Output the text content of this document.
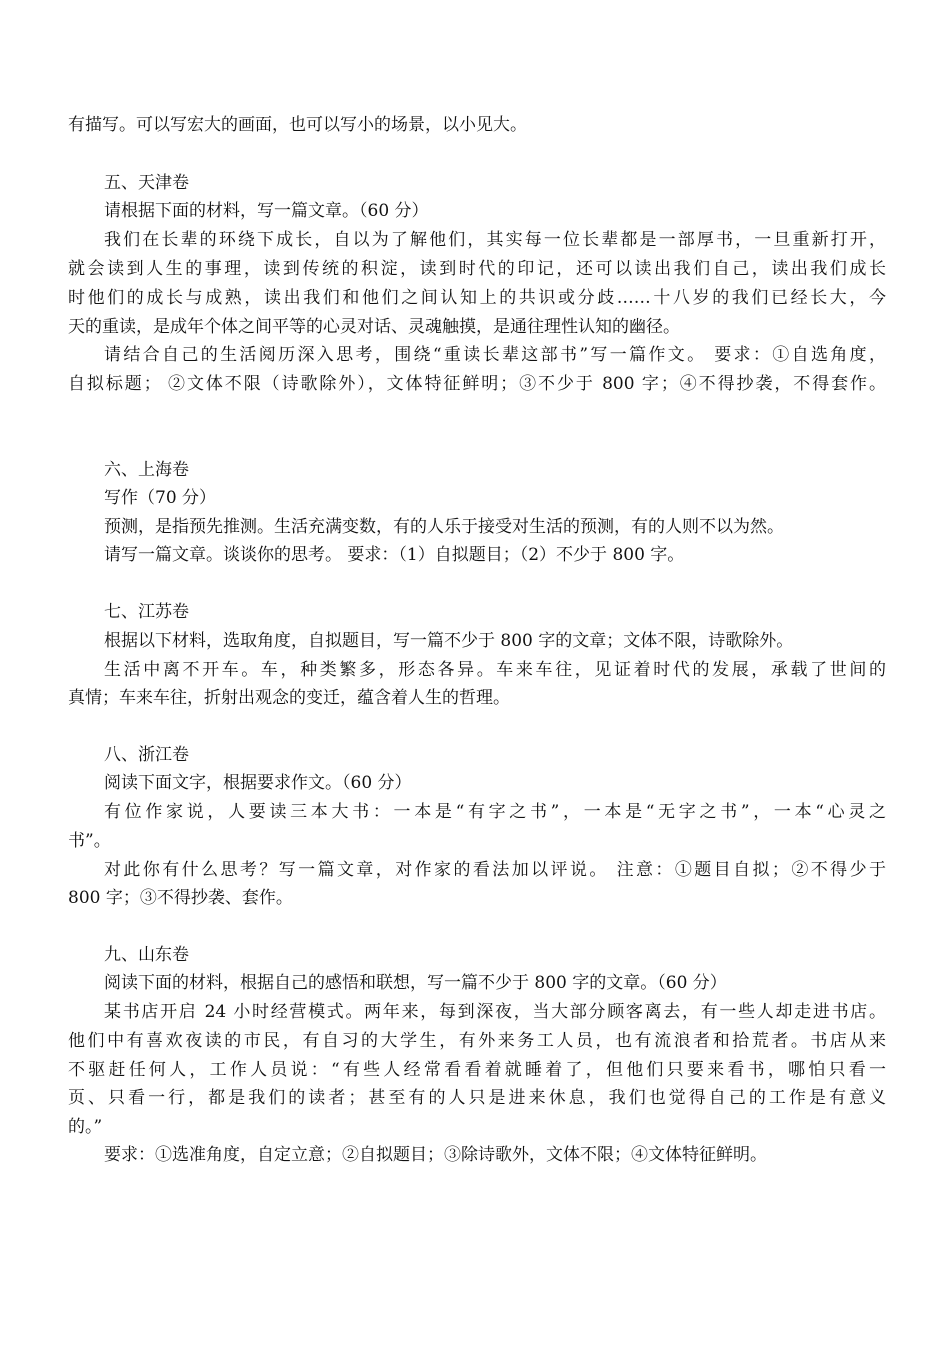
有描写。可以写宏大的画面，也可以写小的场景，以小见大。
五、天津卷
请根据下面的材料，写一篇文章。（60 分）
我们在长辈的环绕下成长，自以为了解他们，其实每一位长辈都是一部厚书，一旦重新打开，
就会读到人生的事理，读到传统的积淀，读到时代的印记，还可以读出我们自己，读出我们成长
时他们的成长与成熟，读出我们和他们之间认知上的共识或分歧……十八岁的我们已经长大，今
天的重读，是成年个体之间平等的心灵对话、灵魂触摸，是通往理性认知的幽径。
请结合自己的生活阅历深入思考，围绕“重读长辈这部书”写一篇作文。 要求：①自选角度，
自拟标题； ②文体不限（诗歌除外），文体特征鲜明；③不少于 800 字；④不得抄袭，不得套作。
六、上海卷
写作（70 分）
预测，是指预先推测。生活充满变数，有的人乐于接受对生活的预测，有的人则不以为然。
请写一篇文章。谈谈你的思考。 要求：（1）自拟题目；（2）不少于 800 字。
七、江苏卷
根据以下材料，选取角度，自拟题目，写一篇不少于 800 字的文章；文体不限，诗歌除外。
生活中离不开车。车，种类繁多，形态各异。车来车往，见证着时代的发展，承载了世间的
真情；车来车往，折射出观念的变迁，蕴含着人生的哲理。
八、浙江卷
阅读下面文字，根据要求作文。（60 分）
有位作家说，人要读三本大书：一本是“有字之书”，一本是“无字之书”，一本“心灵之
书”。
对此你有什么思考？写一篇文章，对作家的看法加以评说。 注意：①题目自拟；②不得少于
800 字；③不得抄袭、套作。
九、山东卷
阅读下面的材料，根据自己的感悟和联想，写一篇不少于 800 字的文章。（60 分）
某书店开启 24 小时经营模式。两年来，每到深夜，当大部分顾客离去，有一些人却走进书店。
他们中有喜欢夜读的市民，有自习的大学生，有外来务工人员，也有流浪者和拾荒者。书店从来
不驱赶任何人，工作人员说：“有些人经常看看着就睡着了，但他们只要来看书，哪怕只看一
页、只看一行，都是我们的读者；甚至有的人只是进来休息，我们也觉得自己的工作是有意义
的。”
要求：①选准角度，自定立意；②自拟题目；③除诗歌外，文体不限；④文体特征鲜明。
